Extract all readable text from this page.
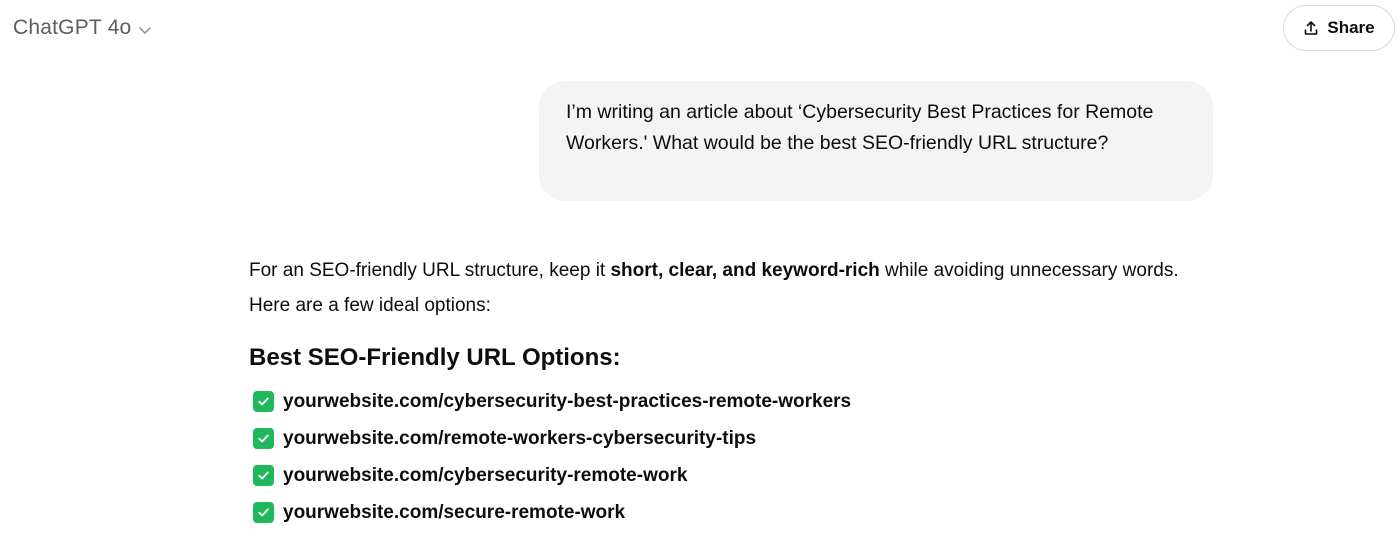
ChatGPT 4o	Share
I’m writing an article about ‘Cybersecurity Best Practices for Remote Workers.' What would be the best SEO-friendly URL structure?

For an SEO-friendly URL structure, keep it short, clear, and keyword-rich while avoiding unnecessary words. Here are a few ideal options:

Best SEO-Friendly URL Options:
yourwebsite.com/cybersecurity-best-practices-remote-workers
yourwebsite.com/remote-workers-cybersecurity-tips
yourwebsite.com/cybersecurity-remote-work
yourwebsite.com/secure-remote-work
